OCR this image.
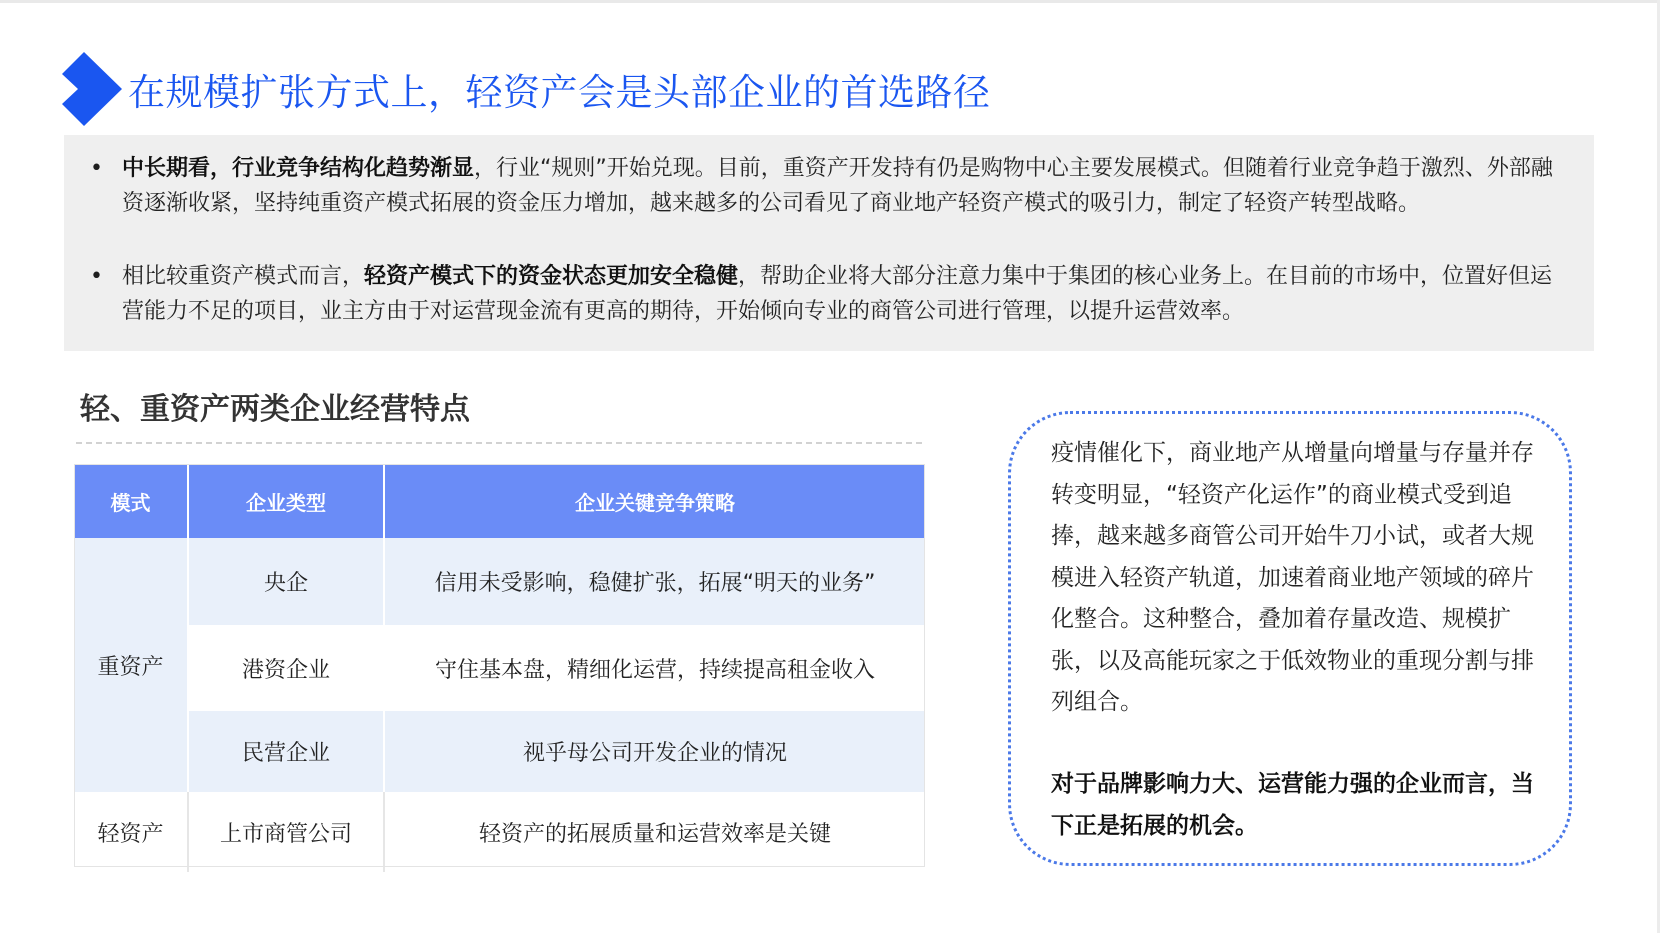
在规模扩张方式上，轻资产会是头部企业的首选路径
• 中长期看，行业竞争结构化趋势渐显，行业“规则”开始兑现。目前，重资产开发持有仍是购物中心主要发展模式。但随着行业竞争趋于激烈、外部融资逐渐收紧，坚持纯重资产模式拓展的资金压力增加，越来越多的公司看见了商业地产轻资产模式的吸引力，制定了轻资产转型战略。
• 相比较重资产模式而言，轻资产模式下的资金状态更加安全稳健，帮助企业将大部分注意力集中于集团的核心业务上。在目前的市场中，位置好但运营能力不足的项目，业主方由于对运营现金流有更高的期待，开始倾向专业的商管公司进行管理，以提升运营效率。
轻、重资产两类企业经营特点
模式	企业类型	企业关键竞争策略
重资产	央企	信用未受影响，稳健扩张，拓展“明天的业务”
	港资企业	守住基本盘，精细化运营，持续提高租金收入
	民营企业	视乎母公司开发企业的情况
轻资产	上市商管公司	轻资产的拓展质量和运营效率是关键
疫情催化下，商业地产从增量向增量与存量并存转变明显，“轻资产化运作”的商业模式受到追捧，越来越多商管公司开始牛刀小试，或者大规模进入轻资产轨道，加速着商业地产领域的碎片化整合。这种整合，叠加着存量改造、规模扩张，以及高能玩家之于低效物业的重现分割与排列组合。
对于品牌影响力大、运营能力强的企业而言，当下正是拓展的机会。
